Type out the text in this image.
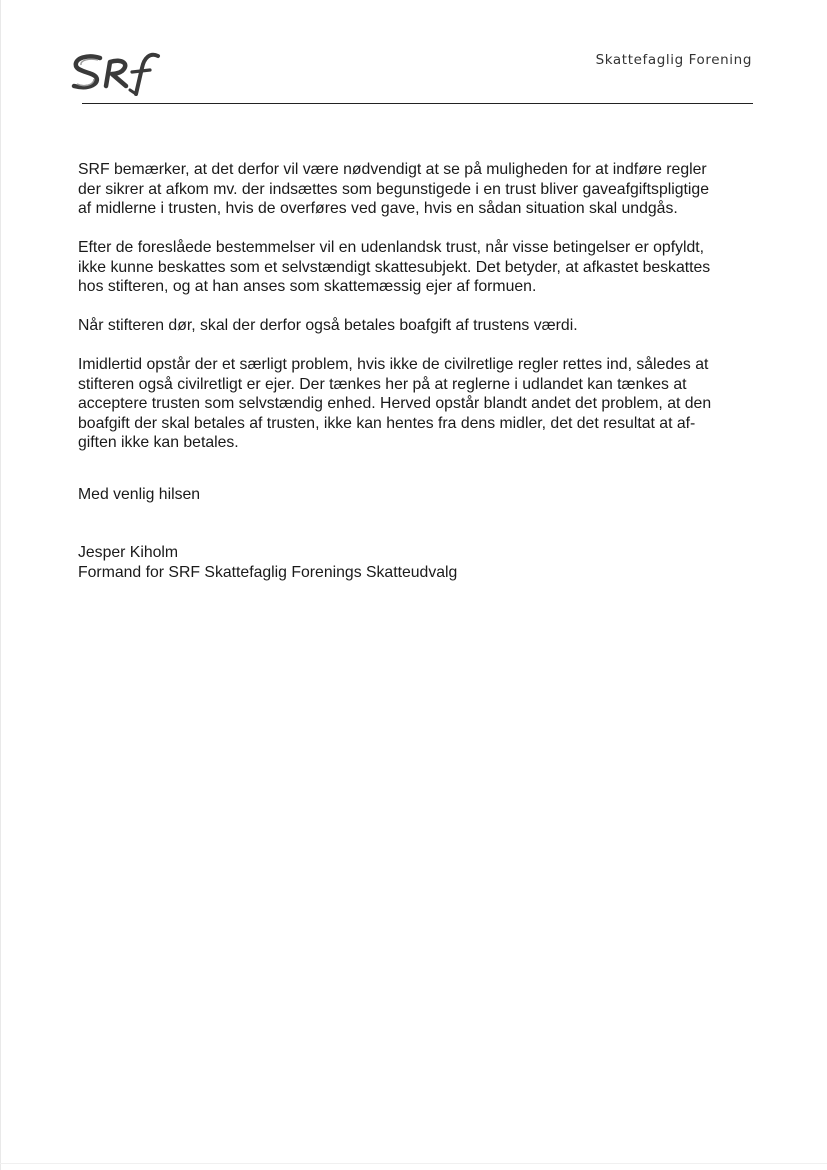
Skattefaglig Forening

SRF bemærker, at det derfor vil være nødvendigt at se på muligheden for at indføre regler
der sikrer at afkom mv. der indsættes som begunstigede i en trust bliver gaveafgiftspligtige
af midlerne i trusten, hvis de overføres ved gave, hvis en sådan situation skal undgås.

Efter de foreslåede bestemmelser vil en udenlandsk trust, når visse betingelser er opfyldt,
ikke kunne beskattes som et selvstændigt skattesubjekt. Det betyder, at afkastet beskattes
hos stifteren, og at han anses som skattemæssig ejer af formuen.

Når stifteren dør, skal der derfor også betales boafgift af trustens værdi.

Imidlertid opstår der et særligt problem, hvis ikke de civilretlige regler rettes ind, således at
stifteren også civilretligt er ejer. Der tænkes her på at reglerne i udlandet kan tænkes at
acceptere trusten som selvstændig enhed. Herved opstår blandt andet det problem, at den
boafgift der skal betales af trusten, ikke kan hentes fra dens midler, det det resultat at af-
giften ikke kan betales.

Med venlig hilsen
Jesper Kiholm
Formand for SRF Skattefaglig Forenings Skatteudvalg
